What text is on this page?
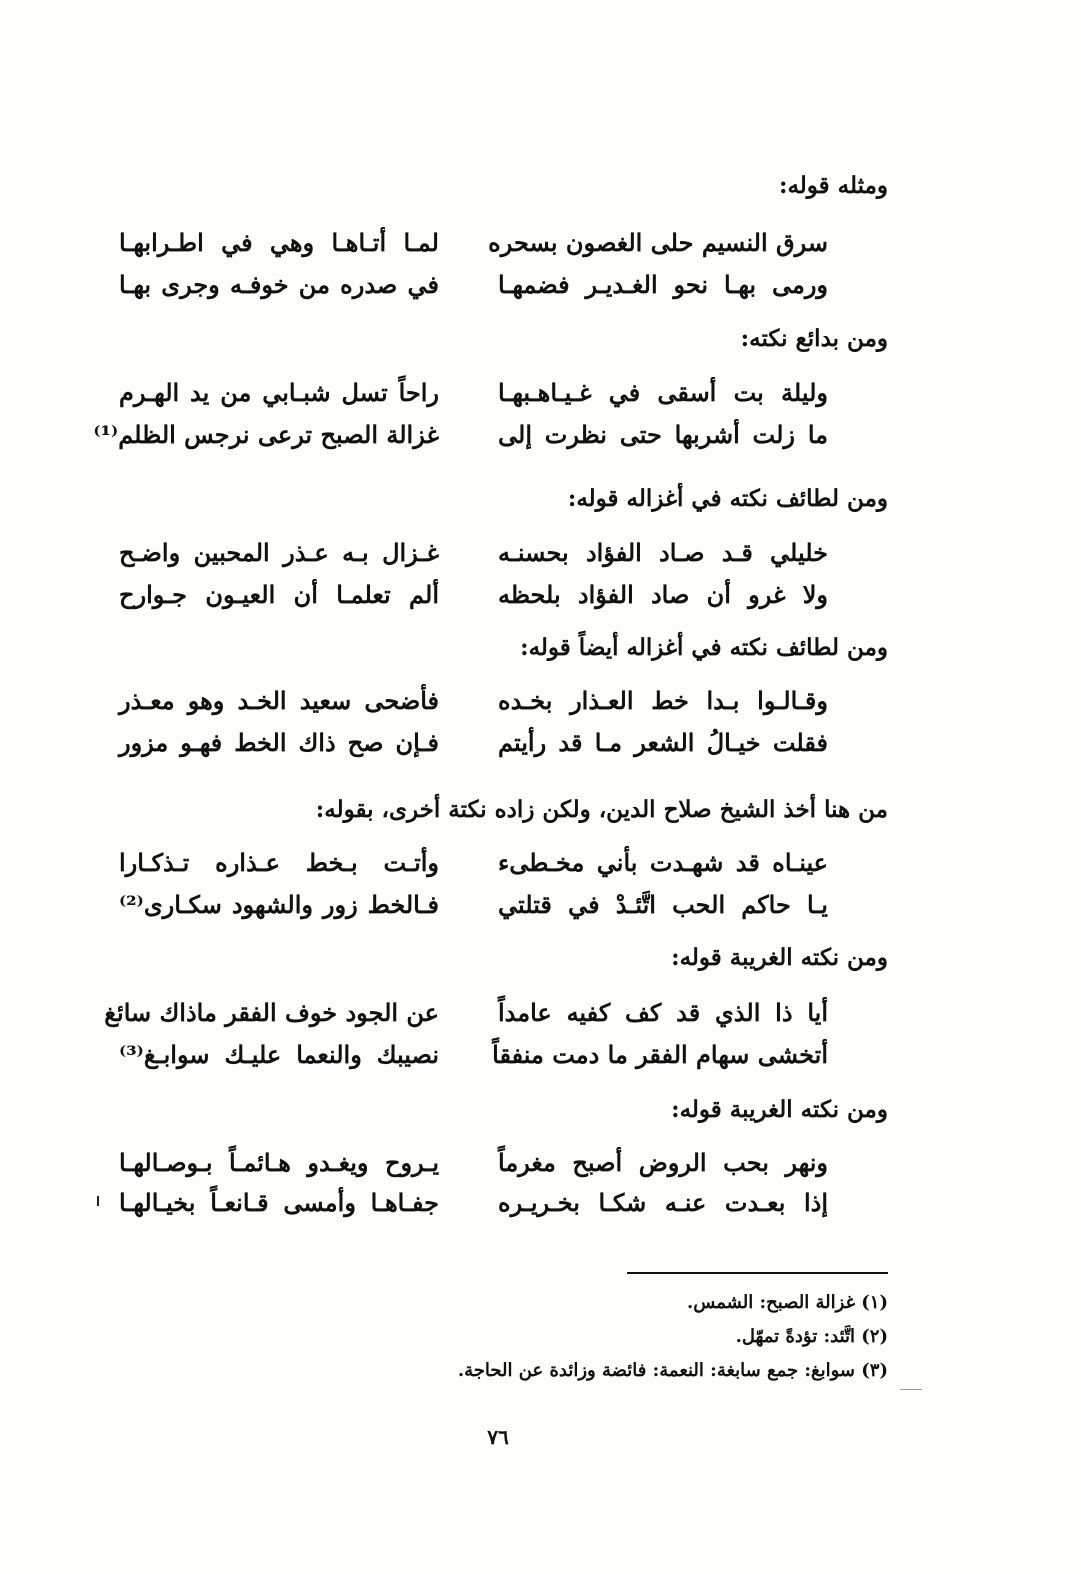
ومثله قوله:
سرق النسيم حلى الغصون بسحره
لمـا أتـاهـا وهي في اطـرابهـا
ورمى بهـا نحو الغـديـر فضمهـا
في صدره من خوفـه وجرى بهـا
ومن بدائع نكته:
وليلة بت أسقى في غـيـاهـبهـا
راحاً تسل شبـابي من يد الهـرم
ما زلت أشربها حتى نظرت إلى
غزالة الصبح ترعى نرجس الظلم⁽¹⁾
ومن لطائف نكته في أغزاله قوله:
خليلي قـد صـاد الفؤاد بحسنـه
غـزال بـه عـذر المحبين واضـح
ولا غرو أن صاد الفؤاد بلحظه
ألم تعلمـا أن العيـون جـوارح
ومن لطائف نكته في أغزاله أيضاً قوله:
وقـالـوا بـدا خط العـذار بخـده
فأضحى سعيد الخـد وهو معـذر
فقلت خيـالُ الشعر مـا قد رأيتم
فـإن صح ذاك الخط فهـو مزور
من هنا أخذ الشيخ صلاح الدين، ولكن زاده نكتة أخرى، بقوله:
عينـاه قد شهـدت بأني مخـطىء
وأتـت بـخط عـذاره تـذكـارا
يـا حاكم الحب اتَّئـدْ في قتلتي
فـالخط زور والشهود سكـارى⁽²⁾
ومن نكته الغريبة قوله:
أيا ذا الذي قد كف كفيه عامداً
عن الجود خوف الفقر ماذاك سائغ
أتخشى سهام الفقر ما دمت منفقاً
نصيبك والنعما عليـك سوابـغ⁽³⁾
ومن نكته الغريبة قوله:
ونهر بحب الروض أصبح مغرماً
يـروح ويغـدو هـائمـاً بـوصـالهـا
إذا بعـدت عنـه شكـا بخـريـره
جفـاهـا وأمسى قـانعـاً بخيـالهـا
(١) غزالة الصبح: الشمس.
(٢) اتَّئد: تؤدةً تمهّل.
(٣) سوابغ: جمع سابغة: النعمة: فائضة وزائدة عن الحاجة.
٧٦
